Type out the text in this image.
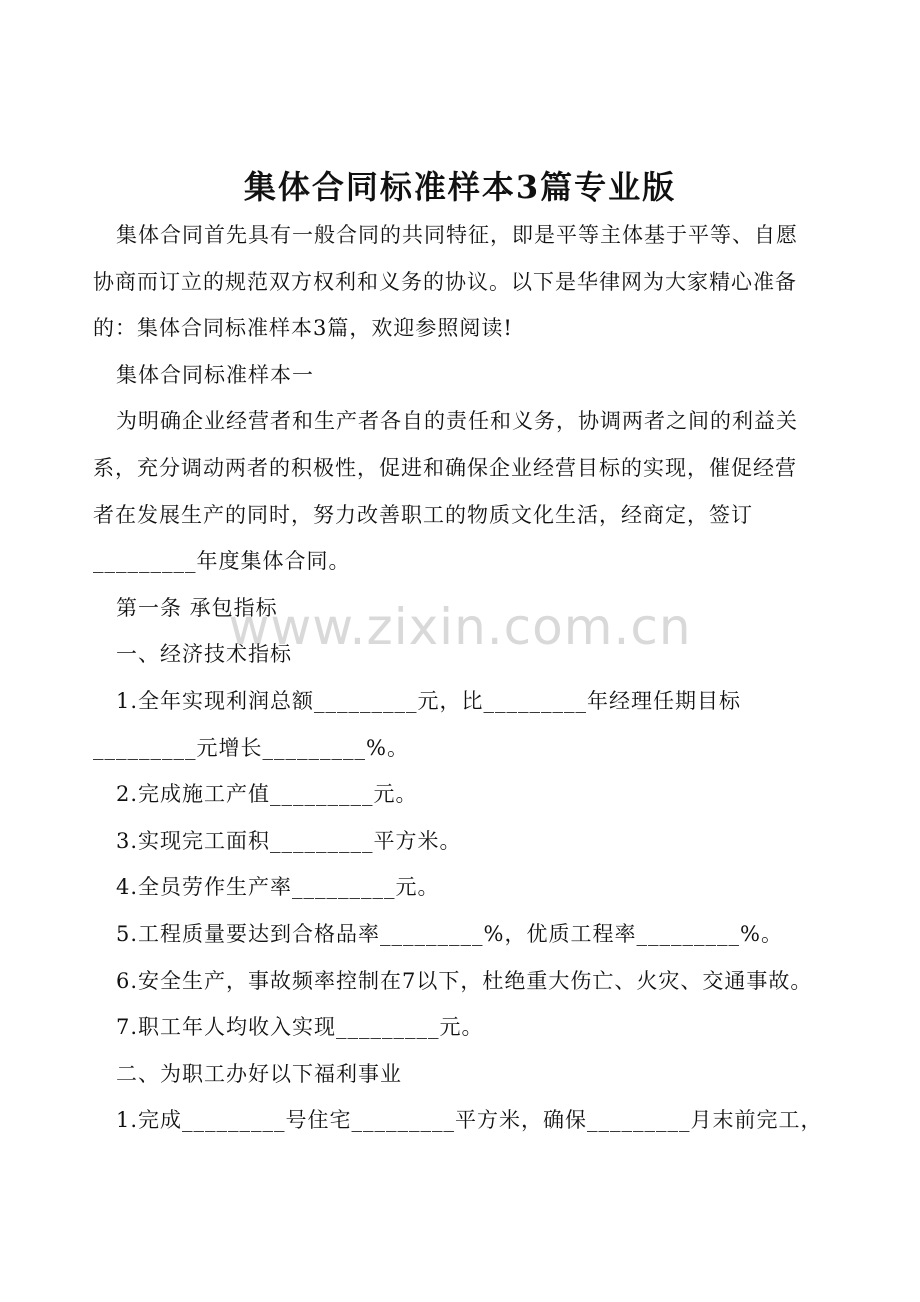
www.zixin.com.cn
集体合同标准样本3篇专业版

集体合同首先具有一般合同的共同特征，即是平等主体基于平等、自愿

协商而订立的规范双方权利和义务的协议。以下是华律网为大家精心准备

的：集体合同标准样本3篇，欢迎参照阅读!

集体合同标准样本一

为明确企业经营者和生产者各自的责任和义务，协调两者之间的利益关

系，充分调动两者的积极性，促进和确保企业经营目标的实现，催促经营

者在发展生产的同时，努力改善职工的物质文化生活，经商定，签订

_________年度集体合同。

第一条 承包指标

一、经济技术指标

1.全年实现利润总额_________元，比_________年经理任期目标

_________元增长_________%。

2.完成施工产值_________元。

3.实现完工面积_________平方米。

4.全员劳作生产率_________元。

5.工程质量要达到合格品率_________%，优质工程率_________%。

6.安全生产，事故频率控制在7以下，杜绝重大伤亡、火灾、交通事故。

7.职工年人均收入实现_________元。

二、为职工办好以下福利事业

1.完成_________号住宅_________平方米，确保_________月末前完工，
